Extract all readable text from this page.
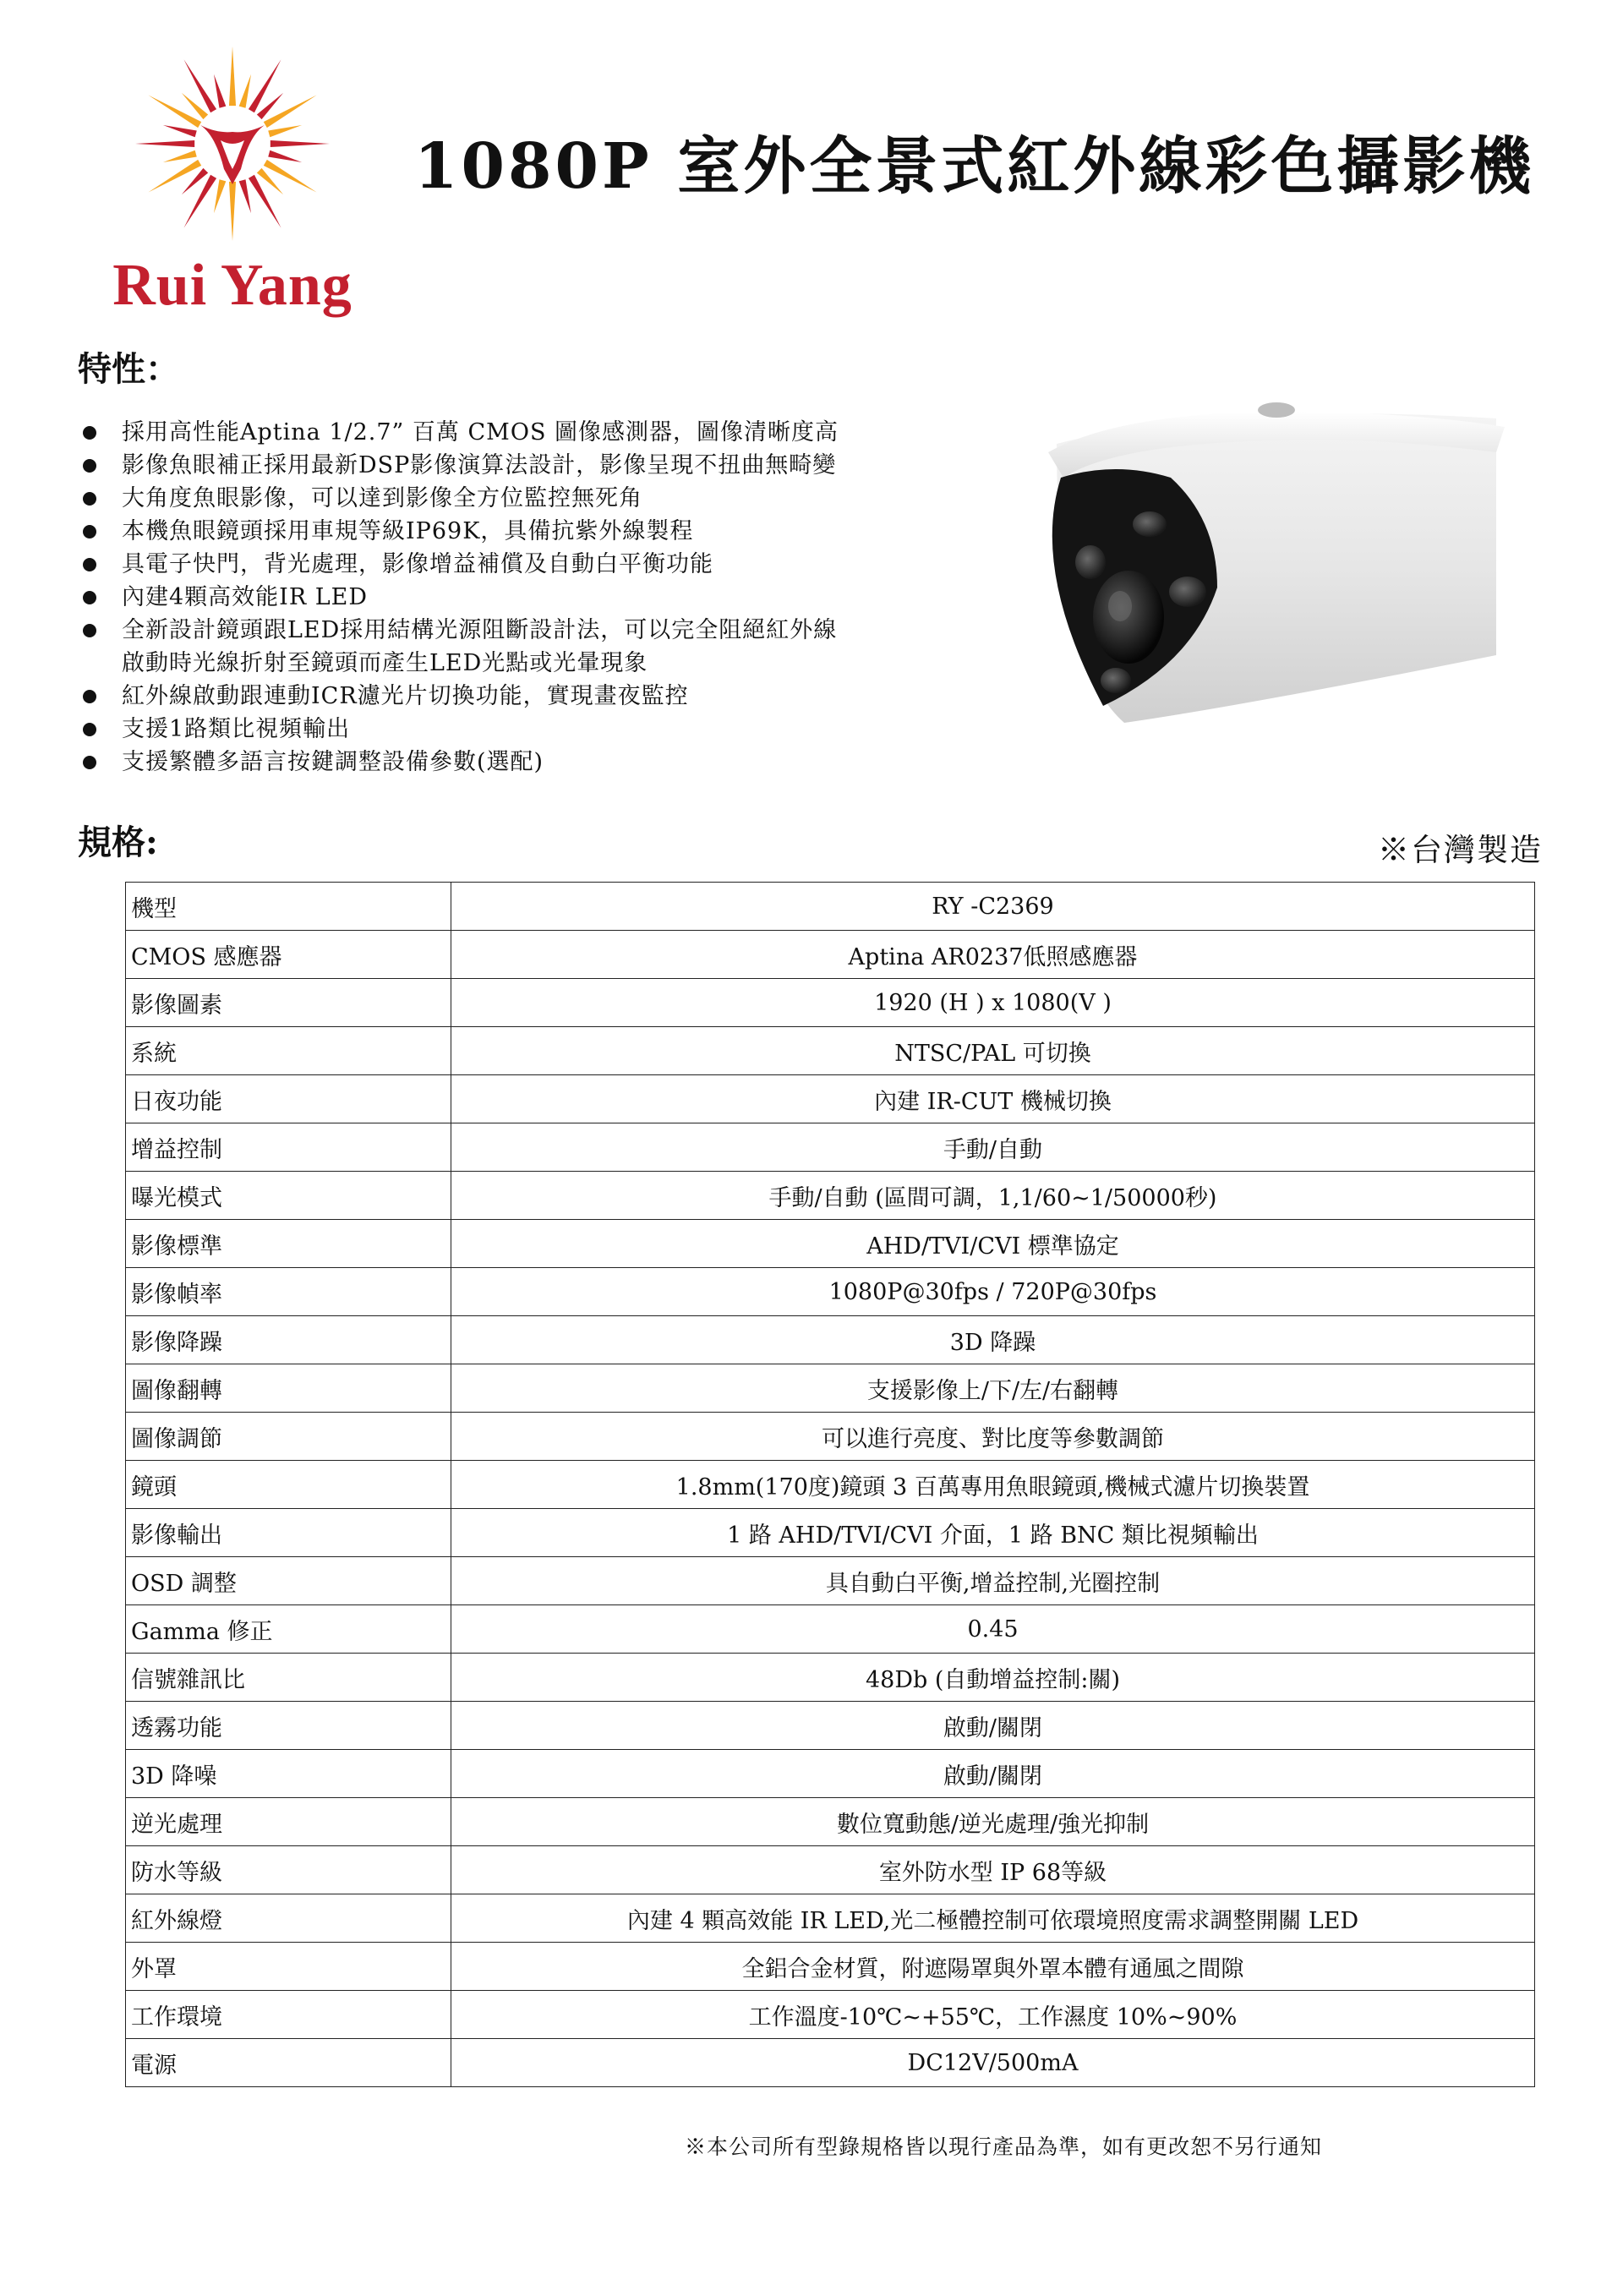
Rui Yang
1080P 室外全景式紅外線彩色攝影機
特性：
採用高性能Aptina 1/2.7” 百萬 CMOS 圖像感測器，圖像清晰度高
影像魚眼補正採用最新DSP影像演算法設計，影像呈現不扭曲無畸變
大角度魚眼影像，可以達到影像全方位監控無死角
本機魚眼鏡頭採用車規等級IP69K，具備抗紫外線製程
具電子快門，背光處理，影像增益補償及自動白平衡功能
內建4顆高效能IR LED
全新設計鏡頭跟LED採用結構光源阻斷設計法，可以完全阻絕紅外線
啟動時光線折射至鏡頭而產生LED光點或光暈現象
紅外線啟動跟連動ICR濾光片切換功能，實現畫夜監控
支援1路類比視頻輸出
支援繁體多語言按鍵調整設備參數(選配)
規格:	※台灣製造
機型	RY -C2369
CMOS 感應器	Aptina AR0237低照感應器
影像圖素	1920 (H ) x 1080(V )
系統	NTSC/PAL 可切換
日夜功能	內建 IR-CUT 機械切換
增益控制	手動/自動
曝光模式	手動/自動 (區間可調，1,1/60~1/50000秒)
影像標準	AHD/TVI/CVI 標準協定
影像幀率	1080P@30fps / 720P@30fps
影像降躁	3D 降躁
圖像翻轉	支援影像上/下/左/右翻轉
圖像調節	可以進行亮度、對比度等參數調節
鏡頭	1.8mm(170度)鏡頭 3 百萬專用魚眼鏡頭,機械式濾片切換裝置
影像輸出	1 路 AHD/TVI/CVI 介面，1 路 BNC 類比視頻輸出
OSD 調整	具自動白平衡,增益控制,光圈控制
Gamma 修正	0.45
信號雜訊比	48Db (自動增益控制:關)
透霧功能	啟動/關閉
3D 降噪	啟動/關閉
逆光處理	數位寬動態/逆光處理/強光抑制
防水等級	室外防水型 IP 68等級
紅外線燈	內建 4 顆高效能 IR LED,光二極體控制可依環境照度需求調整開關 LED
外罩	全鋁合金材質，附遮陽罩與外罩本體有通風之間隙
工作環境	工作溫度-10℃~+55℃，工作濕度 10%~90%
電源	DC12V/500mA
※本公司所有型錄規格皆以現行產品為準，如有更改恕不另行通知
